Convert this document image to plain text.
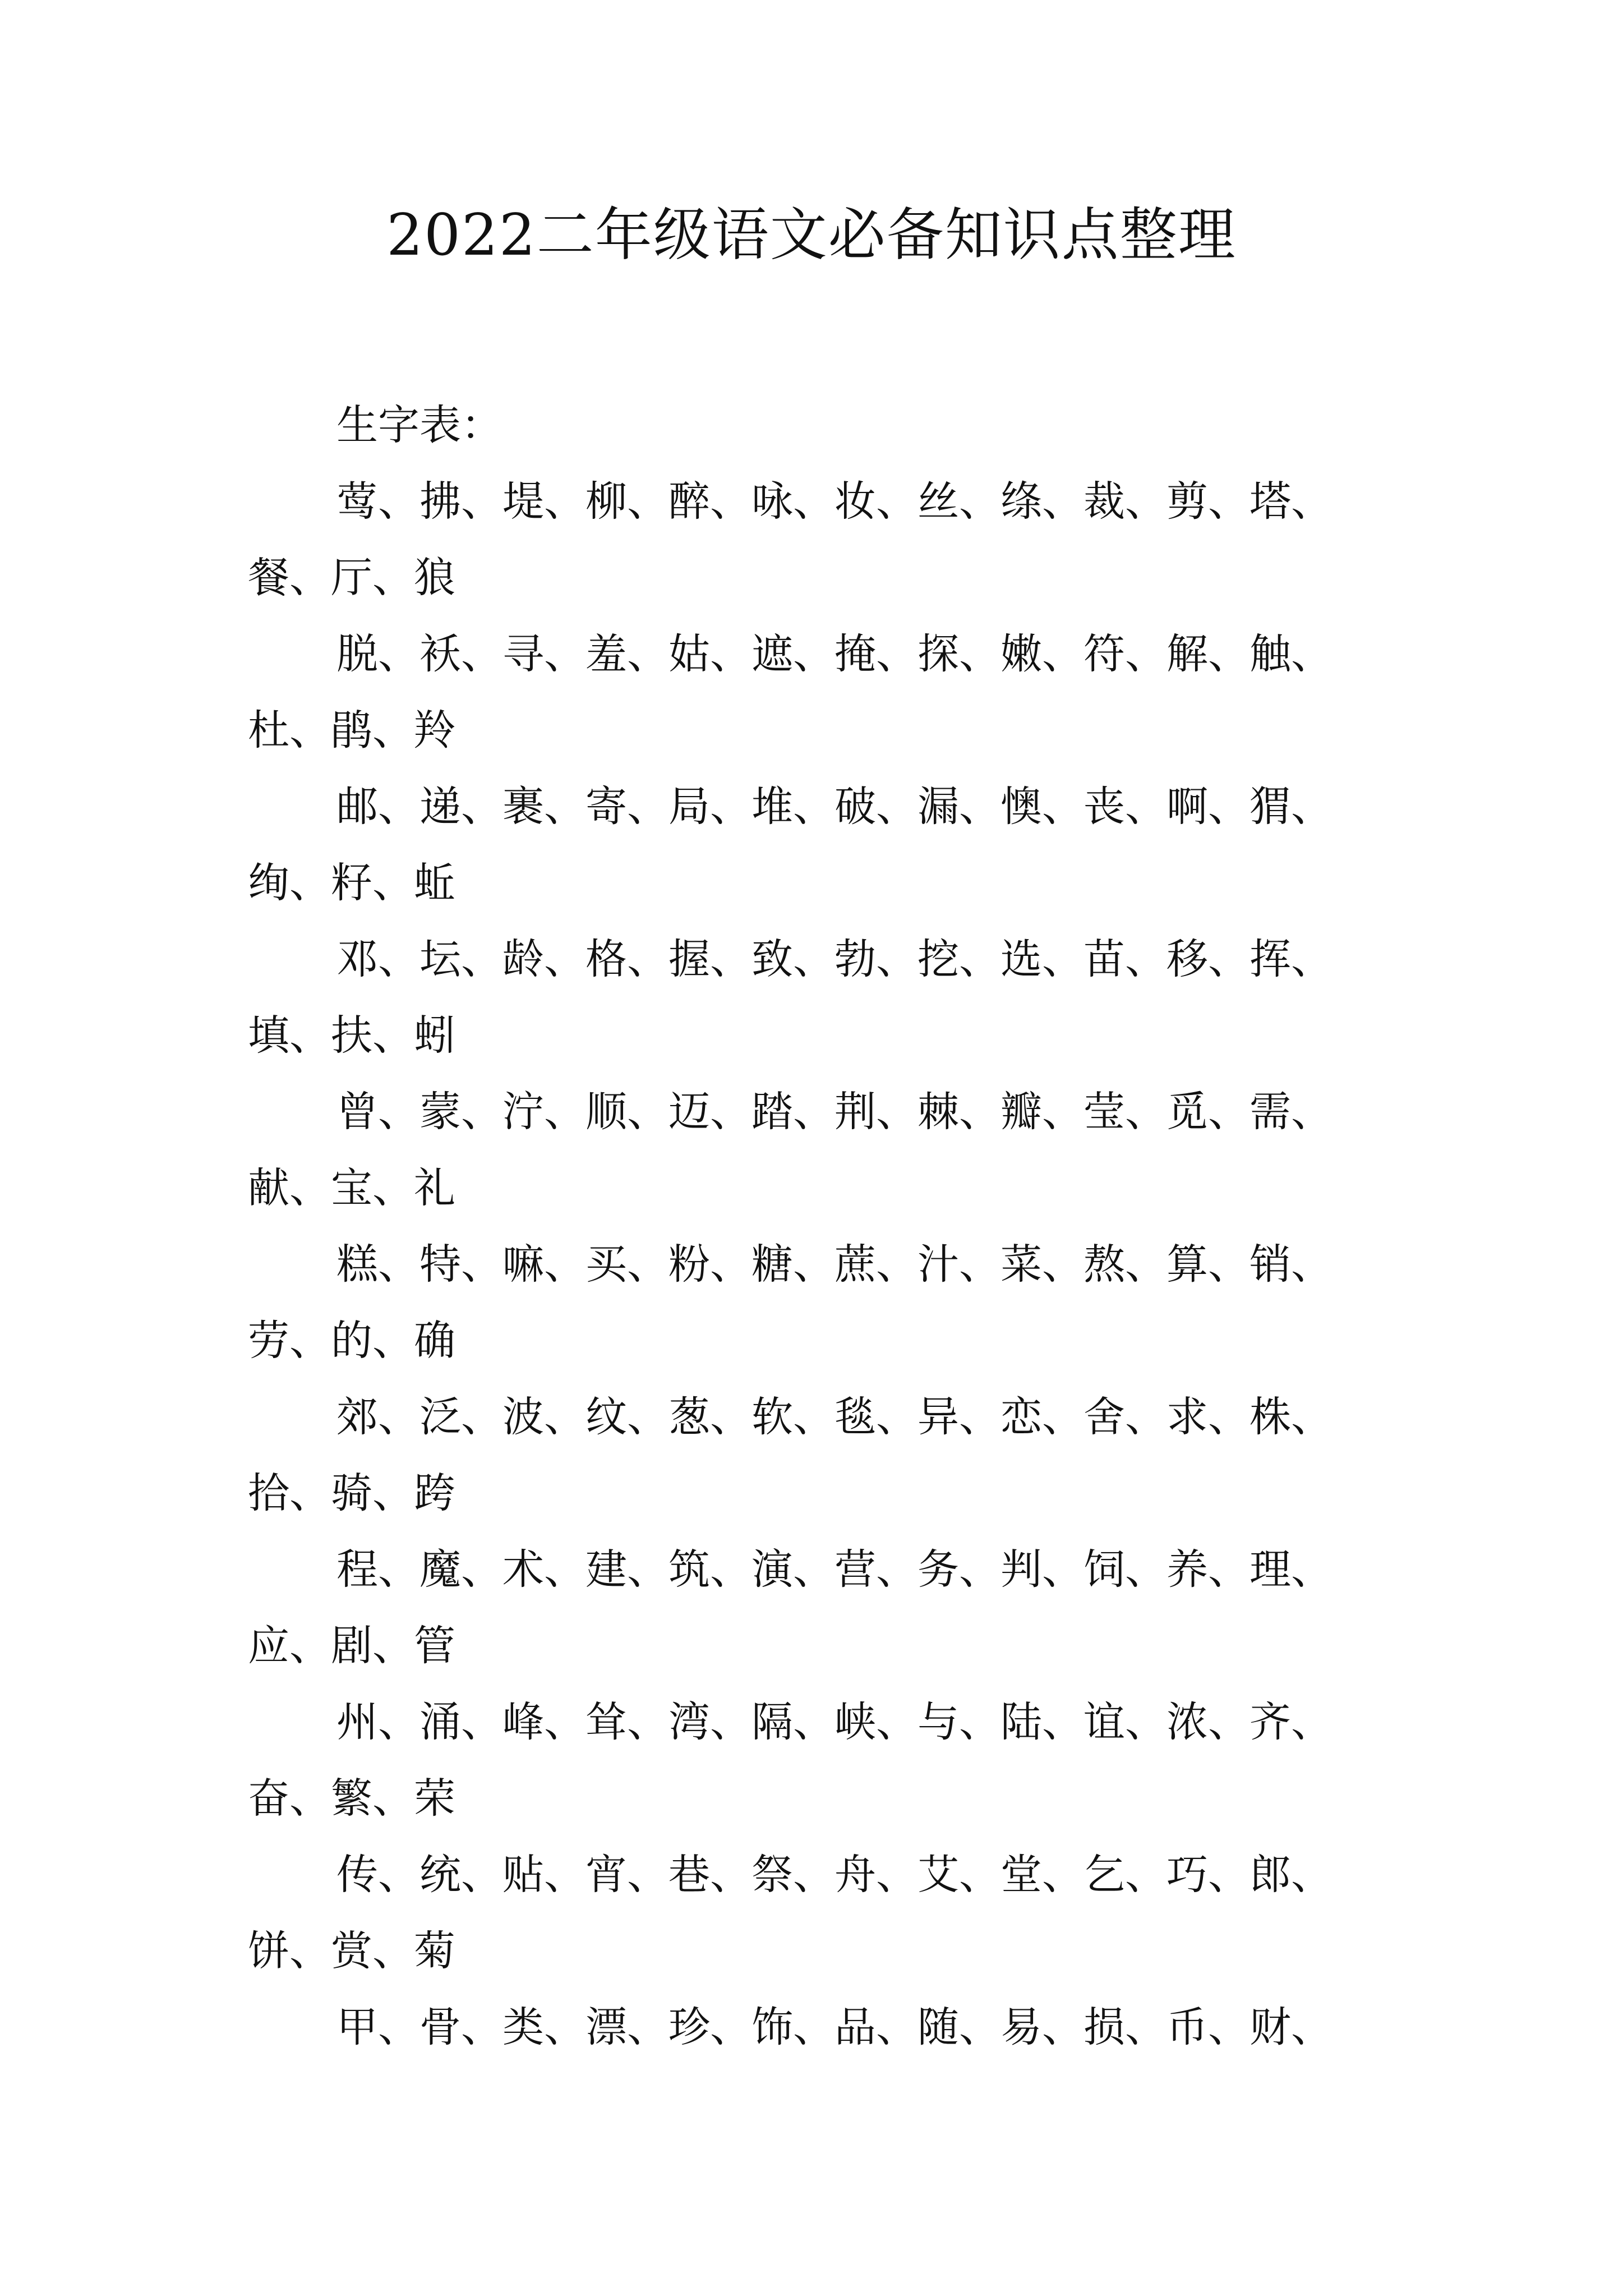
2022二年级语文必备知识点整理

生字表：

莺、拂、堤、柳、醉、咏、妆、丝、绦、裁、剪、塔、餐、厅、狼

脱、袄、寻、羞、姑、遮、掩、探、嫩、符、解、触、杜、鹃、羚

邮、递、裹、寄、局、堆、破、漏、懊、丧、啊、猬、绚、籽、蚯

邓、坛、龄、格、握、致、勃、挖、选、苗、移、挥、填、扶、蚓

曾、蒙、泞、顺、迈、踏、荆、棘、瓣、莹、觅、需、献、宝、礼

糕、特、嘛、买、粉、糖、蔗、汁、菜、熬、算、销、劳、的、确

郊、泛、波、纹、葱、软、毯、异、恋、舍、求、株、拾、骑、跨

程、魔、术、建、筑、演、营、务、判、饲、养、理、应、剧、管

州、涌、峰、耸、湾、隔、峡、与、陆、谊、浓、齐、奋、繁、荣

传、统、贴、宵、巷、祭、舟、艾、堂、乞、巧、郎、饼、赏、菊

甲、骨、类、漂、珍、饰、品、随、易、损、币、财、
